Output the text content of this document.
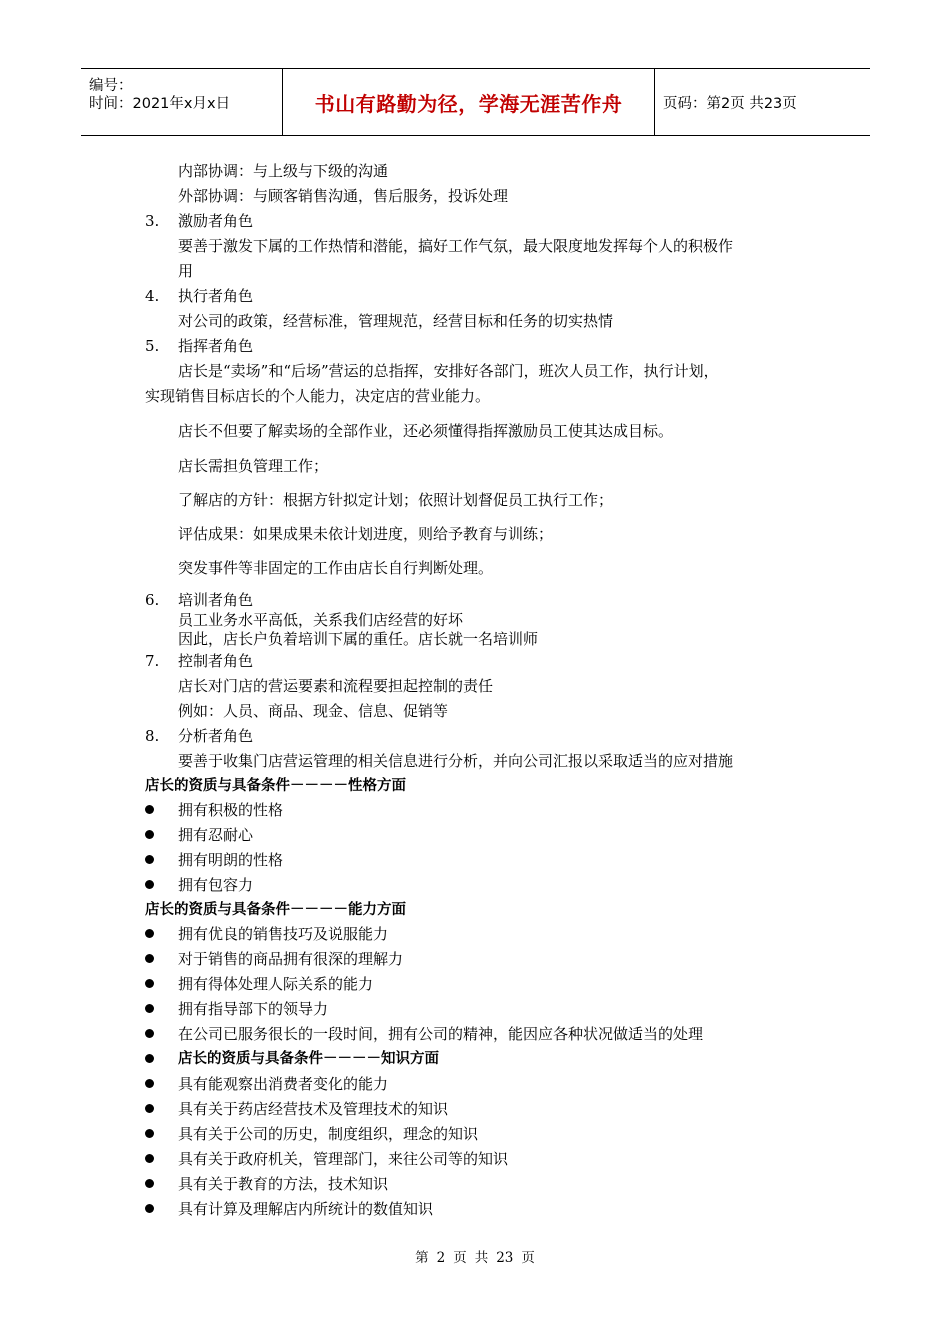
编号：
时间：2021年x月x日	书山有路勤为径，学海无涯苦作舟	页码：第2页 共23页
内部协调：与上级与下级的沟通
外部协调：与顾客销售沟通，售后服务，投诉处理
3. 激励者角色
要善于激发下属的工作热情和潜能，搞好工作气氛，最大限度地发挥每个人的积极作
用
4. 执行者角色
对公司的政策，经营标准，管理规范，经营目标和任务的切实热情
5. 指挥者角色
店长是“卖场”和“后场”营运的总指挥，安排好各部门，班次人员工作，执行计划，
实现销售目标店长的个人能力，决定店的营业能力。
店长不但要了解卖场的全部作业，还必须懂得指挥激励员工使其达成目标。
店长需担负管理工作；
了解店的方针：根据方针拟定计划；依照计划督促员工执行工作；
评估成果：如果成果未依计划进度，则给予教育与训练；
突发事件等非固定的工作由店长自行判断处理。
6. 培训者角色
员工业务水平高低，关系我们店经营的好坏
因此，店长户负着培训下属的重任。店长就一名培训师
7. 控制者角色
店长对门店的营运要素和流程要担起控制的责任
例如：人员、商品、现金、信息、促销等
8. 分析者角色
要善于收集门店营运管理的相关信息进行分析，并向公司汇报以采取适当的应对措施
店长的资质与具备条件－－－－性格方面
拥有积极的性格
拥有忍耐心
拥有明朗的性格
拥有包容力
店长的资质与具备条件－－－－能力方面
拥有优良的销售技巧及说服能力
对于销售的商品拥有很深的理解力
拥有得体处理人际关系的能力
拥有指导部下的领导力
在公司已服务很长的一段时间，拥有公司的精神，能因应各种状况做适当的处理
店长的资质与具备条件－－－－知识方面
具有能观察出消费者变化的能力
具有关于药店经营技术及管理技术的知识
具有关于公司的历史，制度组织，理念的知识
具有关于政府机关，管理部门，来往公司等的知识
具有关于教育的方法，技术知识
具有计算及理解店内所统计的数值知识
第 2 页 共 23 页
